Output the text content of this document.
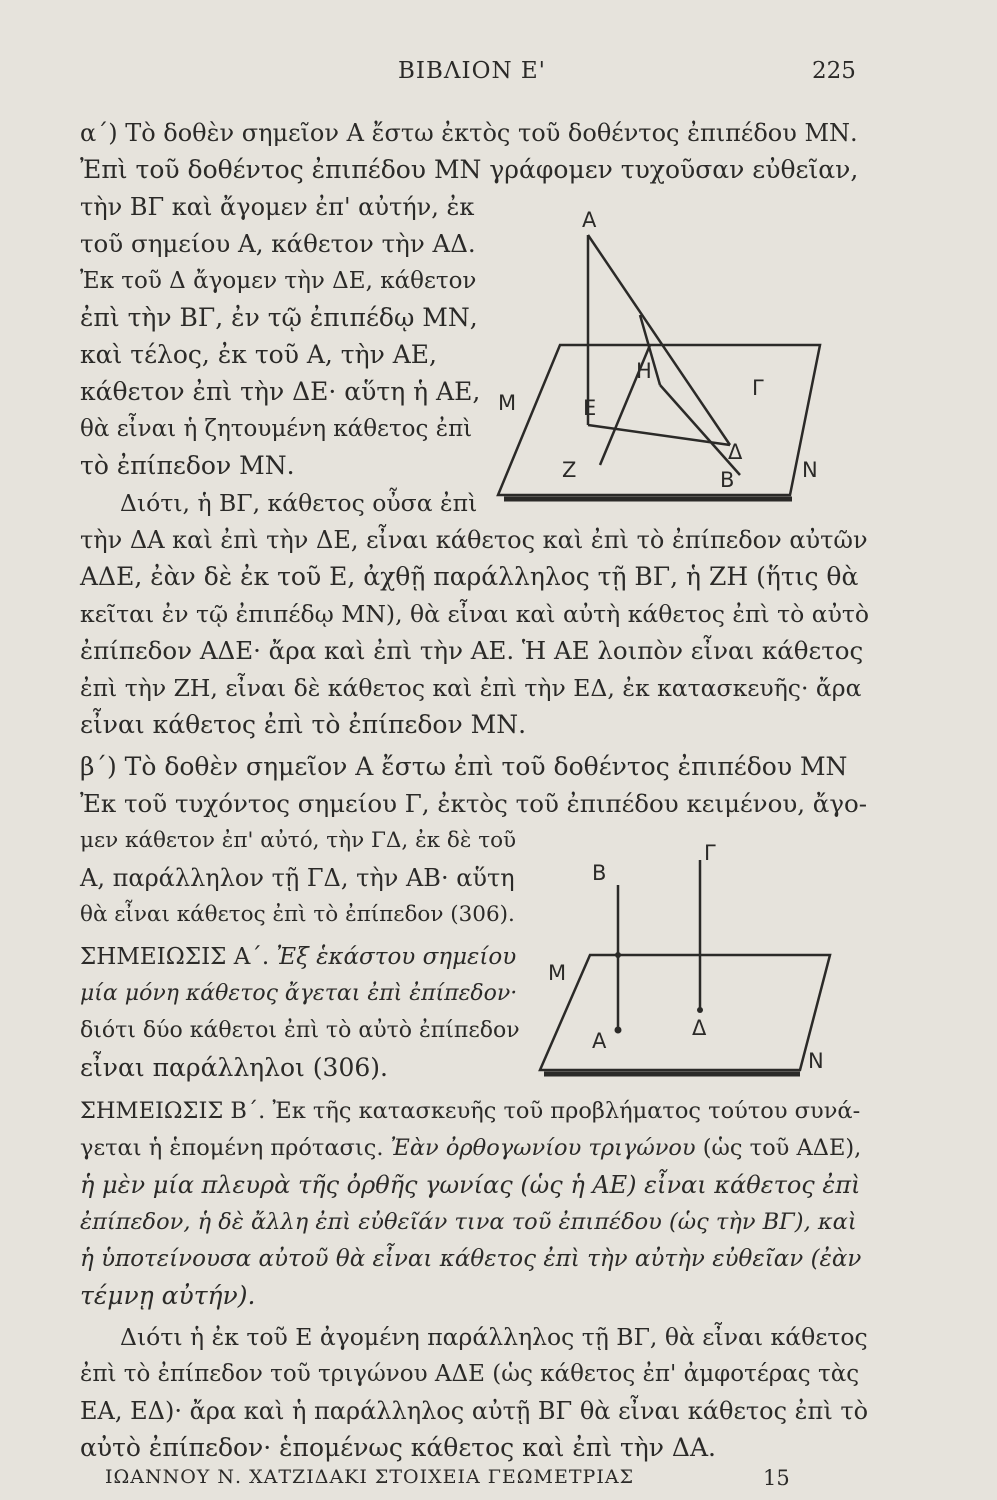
ΒΙΒΛΙΟΝ Ε'	225
α΄) Τὸ δοθὲν σημεῖον Α ἔστω ἐκτὸς τοῦ δοθέντος ἐπιπέδου ΜΝ.
Ἐπὶ τοῦ δοθέντος ἐπιπέδου ΜΝ γράφομεν τυχοῦσαν εὐθεῖαν,
τὴν ΒΓ καὶ ἄγομεν ἐπ' αὐτήν, ἐκ
τοῦ σημείου Α, κάθετον τὴν ΑΔ.
Ἐκ τοῦ Δ ἄγομεν τὴν ΔΕ, κάθετον
ἐπὶ τὴν ΒΓ, ἐν τῷ ἐπιπέδῳ ΜΝ,
καὶ τέλος, ἐκ τοῦ Α, τὴν ΑΕ,
κάθετον ἐπὶ τὴν ΔΕ· αὕτη ἡ ΑΕ,
θὰ εἶναι ἡ ζητουμένη κάθετος ἐπὶ
τὸ ἐπίπεδον ΜΝ.
Διότι, ἡ ΒΓ, κάθετος οὖσα ἐπὶ
τὴν ΔΑ καὶ ἐπὶ τὴν ΔΕ, εἶναι κάθετος καὶ ἐπὶ τὸ ἐπίπεδον αὐτῶν
ΑΔΕ, ἐὰν δὲ ἐκ τοῦ Ε, ἀχθῇ παράλληλος τῇ ΒΓ, ἡ ΖΗ (ἥτις θὰ
κεῖται ἐν τῷ ἐπιπέδῳ ΜΝ), θὰ εἶναι καὶ αὐτὴ κάθετος ἐπὶ τὸ αὐτὸ
ἐπίπεδον ΑΔΕ· ἄρα καὶ ἐπὶ τὴν ΑΕ. Ἡ ΑΕ λοιπὸν εἶναι κάθετος
ἐπὶ τὴν ΖΗ, εἶναι δὲ κάθετος καὶ ἐπὶ τὴν ΕΔ, ἐκ κατασκευῆς· ἄρα
εἶναι κάθετος ἐπὶ τὸ ἐπίπεδον ΜΝ.
A
H
Γ
M	E
Δ
Z	B	N
β΄) Τὸ δοθὲν σημεῖον Α ἔστω ἐπὶ τοῦ δοθέντος ἐπιπέδου ΜΝ
Ἐκ τοῦ τυχόντος σημείου Γ, ἐκτὸς τοῦ ἐπιπέδου κειμένου, ἄγο-
μεν κάθετον ἐπ' αὐτό, τὴν ΓΔ, ἐκ δὲ τοῦ
Α, παράλληλον τῇ ΓΔ, τὴν ΑΒ· αὕτη
θὰ εἶναι κάθετος ἐπὶ τὸ ἐπίπεδον (306).
ΣΗΜΕΙΩΣΙΣ Α΄. Ἐξ ἑκάστου σημείου
μία μόνη κάθετος ἄγεται ἐπὶ ἐπίπεδον·
διότι δύο κάθετοι ἐπὶ τὸ αὐτὸ ἐπίπεδον
εἶναι παράλληλοι (306).
B
Γ
M
A
Δ
N
ΣΗΜΕΙΩΣΙΣ Β΄. Ἐκ τῆς κατασκευῆς τοῦ προβλήματος τούτου συνά-
γεται ἡ ἑπομένη πρότασις. Ἐὰν ὀρθογωνίου τριγώνου (ὡς τοῦ ΑΔΕ),
ἡ μὲν μία πλευρὰ τῆς ὀρθῆς γωνίας (ὡς ἡ ΑΕ) εἶναι κάθετος ἐπὶ
ἐπίπεδον, ἡ δὲ ἄλλη ἐπὶ εὐθεῖάν τινα τοῦ ἐπιπέδου (ὡς τὴν ΒΓ), καὶ
ἡ ὑποτείνουσα αὐτοῦ θὰ εἶναι κάθετος ἐπὶ τὴν αὐτὴν εὐθεῖαν (ἐὰν
τέμνῃ αὐτήν).
Διότι ἡ ἐκ τοῦ Ε ἀγομένη παράλληλος τῇ ΒΓ, θὰ εἶναι κάθετος
ἐπὶ τὸ ἐπίπεδον τοῦ τριγώνου ΑΔΕ (ὡς κάθετος ἐπ' ἀμφοτέρας τὰς
ΕΑ, ΕΔ)· ἄρα καὶ ἡ παράλληλος αὐτῇ ΒΓ θὰ εἶναι κάθετος ἐπὶ τὸ
αὐτὸ ἐπίπεδον· ἑπομένως κάθετος καὶ ἐπὶ τὴν ΔΑ.
ΙΩΑΝΝΟΥ Ν. ΧΑΤΖΙΔΑΚΙ ΣΤΟΙΧΕΙΑ ΓΕΩΜΕΤΡΙΑΣ	15
